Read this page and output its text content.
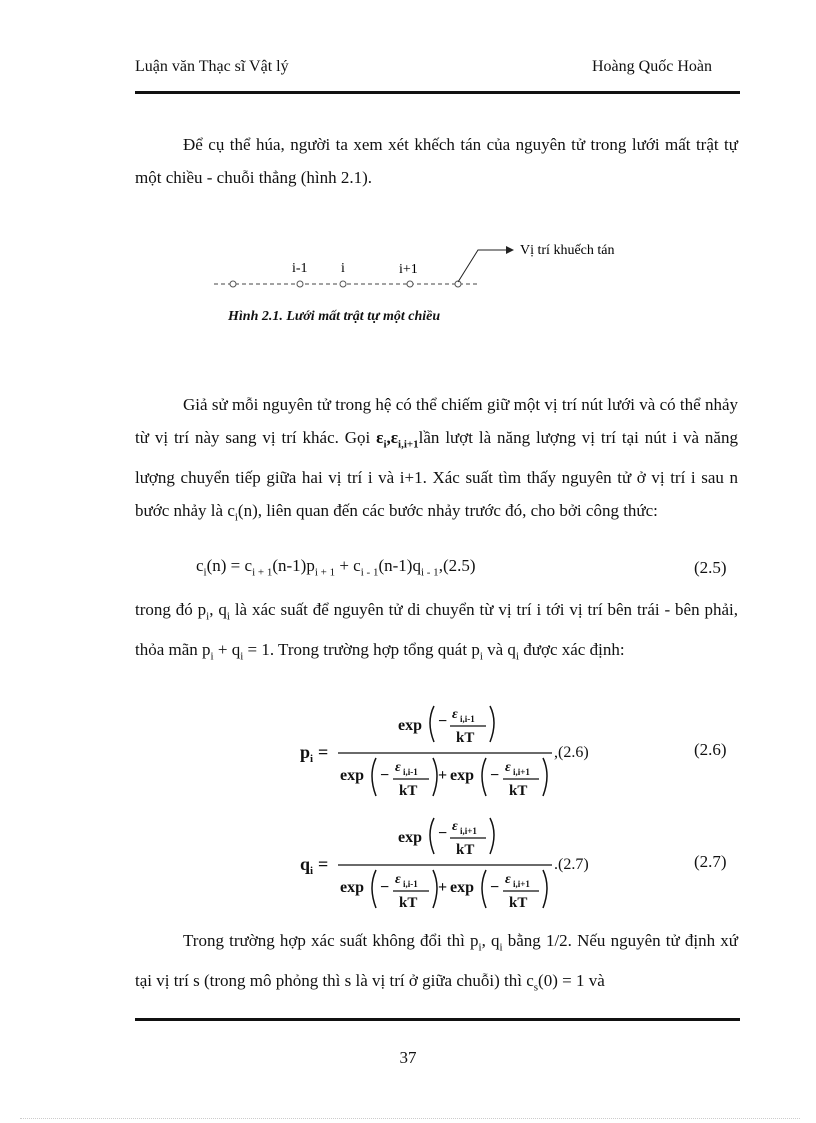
Luận văn Thạc sĩ Vật lý	Hoàng Quốc Hoàn
Để cụ thể húa, người ta xem xét khếch tán của nguyên tử trong lưới mất trật tự một chiều - chuỗi thẳng (hình 2.1).
i-1 i	i+1
Vị trí khuếch tán
Hình 2.1. Lưới mất trật tự một chiều
Giả sử mỗi nguyên tử trong hệ có thể chiếm giữ một vị trí nút lưới và có thể nhảy từ vị trí này sang vị trí khác. Gọi $\varepsilon_i,\varepsilon_{i,i+1}lần$ lượt là năng lượng vị trí tại nút i và năng lượng chuyển tiếp giữa hai vị trí i và i+1. Xác suất tìm thấy nguyên tử ở vị trí i sau n bước nhảy là $c_i(n)$, liên quan đến các bước nhảy trước đó, cho bởi công thức:
$c_i(n) = c_{i + 1}(n-1)p_{i + 1} + c_{i - 1}(n-1)q_{i - 1},(2.5)$	(2.5)
trong đó $p_i$, $q_i$ là xác suất để nguyên tử di chuyển từ vị trí i tới vị trí bên trái - bên phải, thỏa mãn $p_i + q_i = 1$. Trong trường hợp tổng quát $p_i$ và $q_i$ được xác định:
p i =
exp − ε i,i-1
kT
exp − ε i,i-1
kT
+ exp − ε i,i+1
kT
,(2.6)	(2.6)
q i =
exp − ε i,i+1
kT
exp − ε i,i-1
kT
+ exp − ε i,i+1
kT
.(2.7)	(2.7)
Trong trường hợp xác suất không đổi thì $p_i$, $q_i$ bằng 1/2. Nếu nguyên tử định xứ tại vị trí s (trong mô phỏng thì s là vị trí ở giữa chuỗi) thì $c_s(0) = 1$ và
37
